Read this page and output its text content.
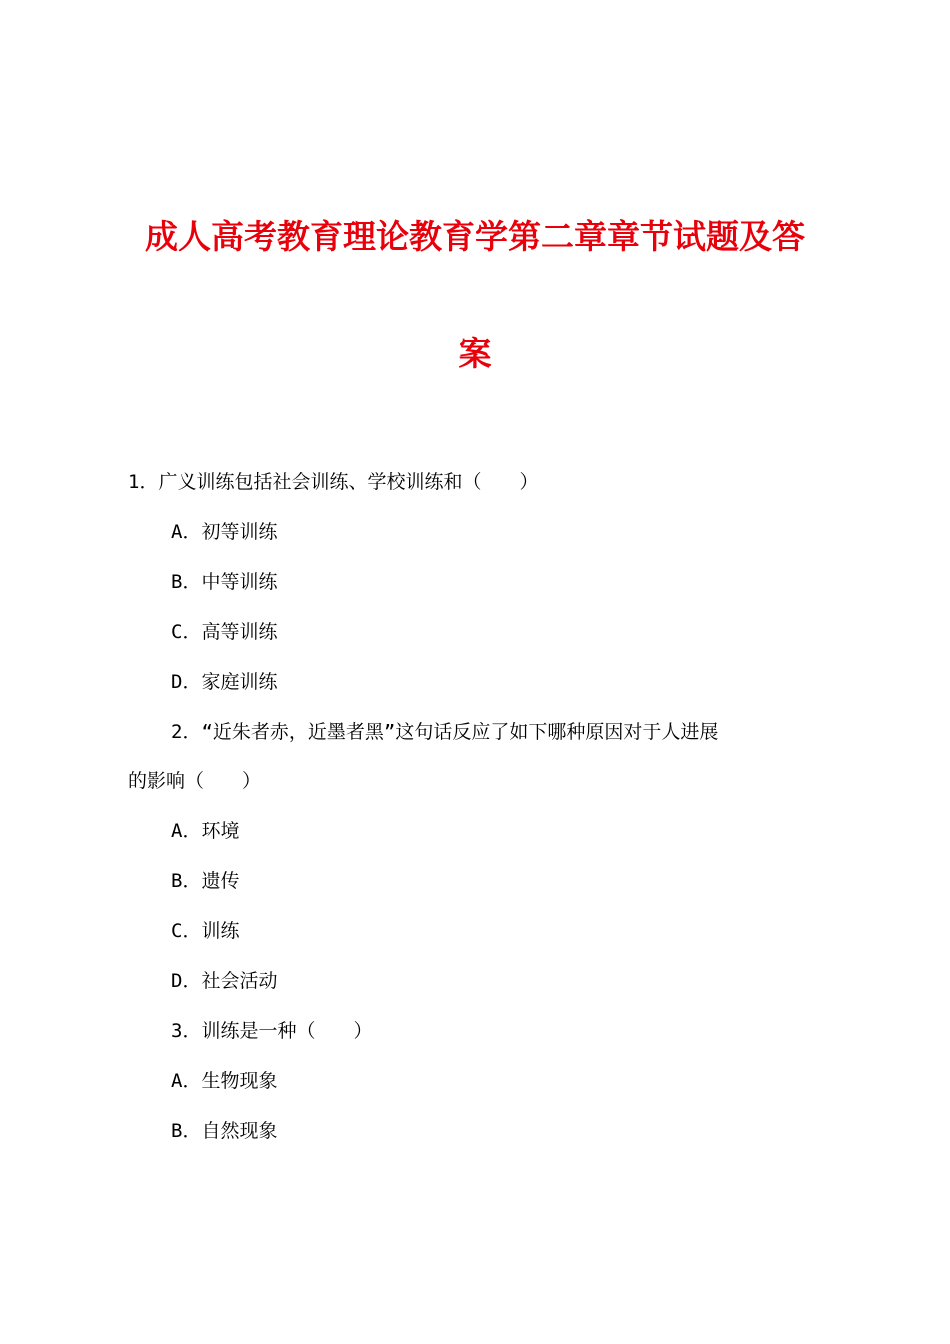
成人高考教育理论教育学第二章章节试题及答
案

1．广义训练包括社会训练、学校训练和（　　）

A．初等训练

B．中等训练

C．高等训练

D．家庭训练

2．“近朱者赤，近墨者黑”这句话反应了如下哪种原因对于人进展

的影响（　　）

A．环境

B．遗传

C．训练

D．社会活动

3．训练是一种（　　）

A．生物现象

B．自然现象
